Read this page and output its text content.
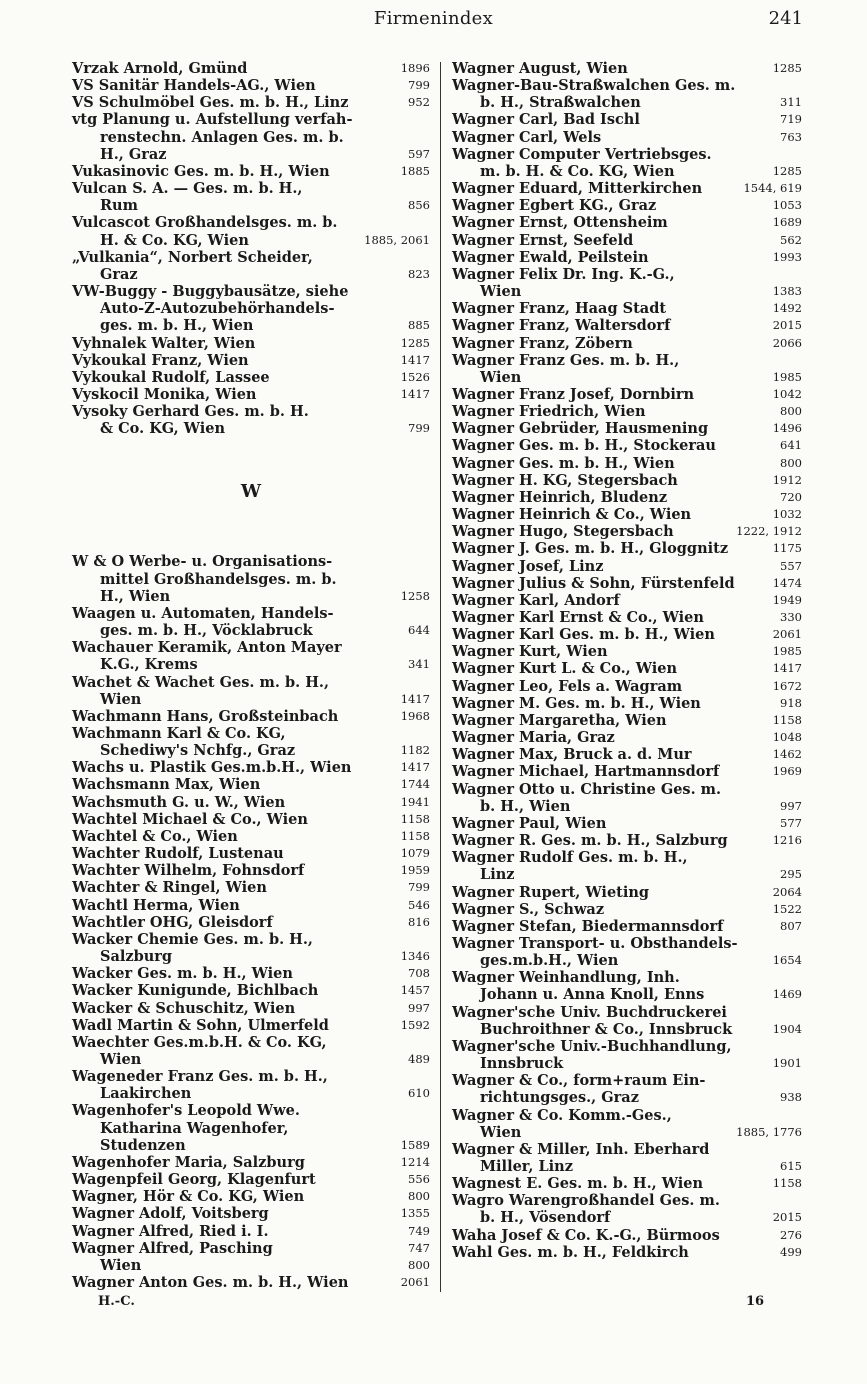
Firmenindex	241
Vrzak Arnold, Gmünd	1896
VS Sanitär Handels-AG., Wien	799
VS Schulmöbel Ges. m. b. H., Linz	952
vtg Planung u. Aufstellung verfah-
renstechn. Anlagen Ges. m. b.
H., Graz	597
Vukasinovic Ges. m. b. H., Wien	1885
Vulcan S. A. — Ges. m. b. H.,
Rum	856
Vulcascot Großhandelsges. m. b.
H. & Co. KG, Wien	1885, 2061
„Vulkania“, Norbert Scheider,
Graz	823
VW-Buggy - Buggybausätze, siehe
Auto-Z-Autozubehörhandels-
ges. m. b. H., Wien	885
Vyhnalek Walter, Wien	1285
Vykoukal Franz, Wien	1417
Vykoukal Rudolf, Lassee	1526
Vyskocil Monika, Wien	1417
Vysoky Gerhard Ges. m. b. H.
& Co. KG, Wien	799
W
W & O Werbe- u. Organisations-
mittel Großhandelsges. m. b.
H., Wien	1258
Waagen u. Automaten, Handels-
ges. m. b. H., Vöcklabruck	644
Wachauer Keramik, Anton Mayer
K.G., Krems	341
Wachet & Wachet Ges. m. b. H.,
Wien	1417
Wachmann Hans, Großsteinbach	1968
Wachmann Karl & Co. KG,
Schediwy's Nchfg., Graz	1182
Wachs u. Plastik Ges.m.b.H., Wien	1417
Wachsmann Max, Wien	1744
Wachsmuth G. u. W., Wien	1941
Wachtel Michael & Co., Wien	1158
Wachtel & Co., Wien	1158
Wachter Rudolf, Lustenau	1079
Wachter Wilhelm, Fohnsdorf	1959
Wachter & Ringel, Wien	799
Wachtl Herma, Wien	546
Wachtler OHG, Gleisdorf	816
Wacker Chemie Ges. m. b. H.,
Salzburg	1346
Wacker Ges. m. b. H., Wien	708
Wacker Kunigunde, Bichlbach	1457
Wacker & Schuschitz, Wien	997
Wadl Martin & Sohn, Ulmerfeld	1592
Waechter Ges.m.b.H. & Co. KG,
Wien	489
Wageneder Franz Ges. m. b. H.,
Laakirchen	610
Wagenhofer's Leopold Wwe.
Katharina Wagenhofer,
Studenzen	1589
Wagenhofer Maria, Salzburg	1214
Wagenpfeil Georg, Klagenfurt	556
Wagner, Hör & Co. KG, Wien	800
Wagner Adolf, Voitsberg	1355
Wagner Alfred, Ried i. I.	749
Wagner Alfred, Pasching	747
Wien	800
Wagner Anton Ges. m. b. H., Wien	2061
Wagner August, Wien	1285
Wagner-Bau-Straßwalchen Ges. m.
b. H., Straßwalchen	311
Wagner Carl, Bad Ischl	719
Wagner Carl, Wels	763
Wagner Computer Vertriebsges.
m. b. H. & Co. KG, Wien	1285
Wagner Eduard, Mitterkirchen	1544, 619
Wagner Egbert KG., Graz	1053
Wagner Ernst, Ottensheim	1689
Wagner Ernst, Seefeld	562
Wagner Ewald, Peilstein	1993
Wagner Felix Dr. Ing. K.-G.,
Wien	1383
Wagner Franz, Haag Stadt	1492
Wagner Franz, Waltersdorf	2015
Wagner Franz, Zöbern	2066
Wagner Franz Ges. m. b. H.,
Wien	1985
Wagner Franz Josef, Dornbirn	1042
Wagner Friedrich, Wien	800
Wagner Gebrüder, Hausmening	1496
Wagner Ges. m. b. H., Stockerau	641
Wagner Ges. m. b. H., Wien	800
Wagner H. KG, Stegersbach	1912
Wagner Heinrich, Bludenz	720
Wagner Heinrich & Co., Wien	1032
Wagner Hugo, Stegersbach	1222, 1912
Wagner J. Ges. m. b. H., Gloggnitz	1175
Wagner Josef, Linz	557
Wagner Julius & Sohn, Fürstenfeld	1474
Wagner Karl, Andorf	1949
Wagner Karl Ernst & Co., Wien	330
Wagner Karl Ges. m. b. H., Wien	2061
Wagner Kurt, Wien	1985
Wagner Kurt L. & Co., Wien	1417
Wagner Leo, Fels a. Wagram	1672
Wagner M. Ges. m. b. H., Wien	918
Wagner Margaretha, Wien	1158
Wagner Maria, Graz	1048
Wagner Max, Bruck a. d. Mur	1462
Wagner Michael, Hartmannsdorf	1969
Wagner Otto u. Christine Ges. m.
b. H., Wien	997
Wagner Paul, Wien	577
Wagner R. Ges. m. b. H., Salzburg	1216
Wagner Rudolf Ges. m. b. H.,
Linz	295
Wagner Rupert, Wieting	2064
Wagner S., Schwaz	1522
Wagner Stefan, Biedermannsdorf	807
Wagner Transport- u. Obsthandels-
ges.m.b.H., Wien	1654
Wagner Weinhandlung, Inh.
Johann u. Anna Knoll, Enns	1469
Wagner'sche Univ. Buchdruckerei
Buchroithner & Co., Innsbruck	1904
Wagner'sche Univ.-Buchhandlung,
Innsbruck	1901
Wagner & Co., form+raum Ein-
richtungsges., Graz	938
Wagner & Co. Komm.-Ges.,
Wien	1885, 1776
Wagner & Miller, Inh. Eberhard
Miller, Linz	615
Wagnest E. Ges. m. b. H., Wien	1158
Wagro Warengroßhandel Ges. m.
b. H., Vösendorf	2015
Waha Josef & Co. K.-G., Bürmoos	276
Wahl Ges. m. b. H., Feldkirch	499
H.-C.	16
